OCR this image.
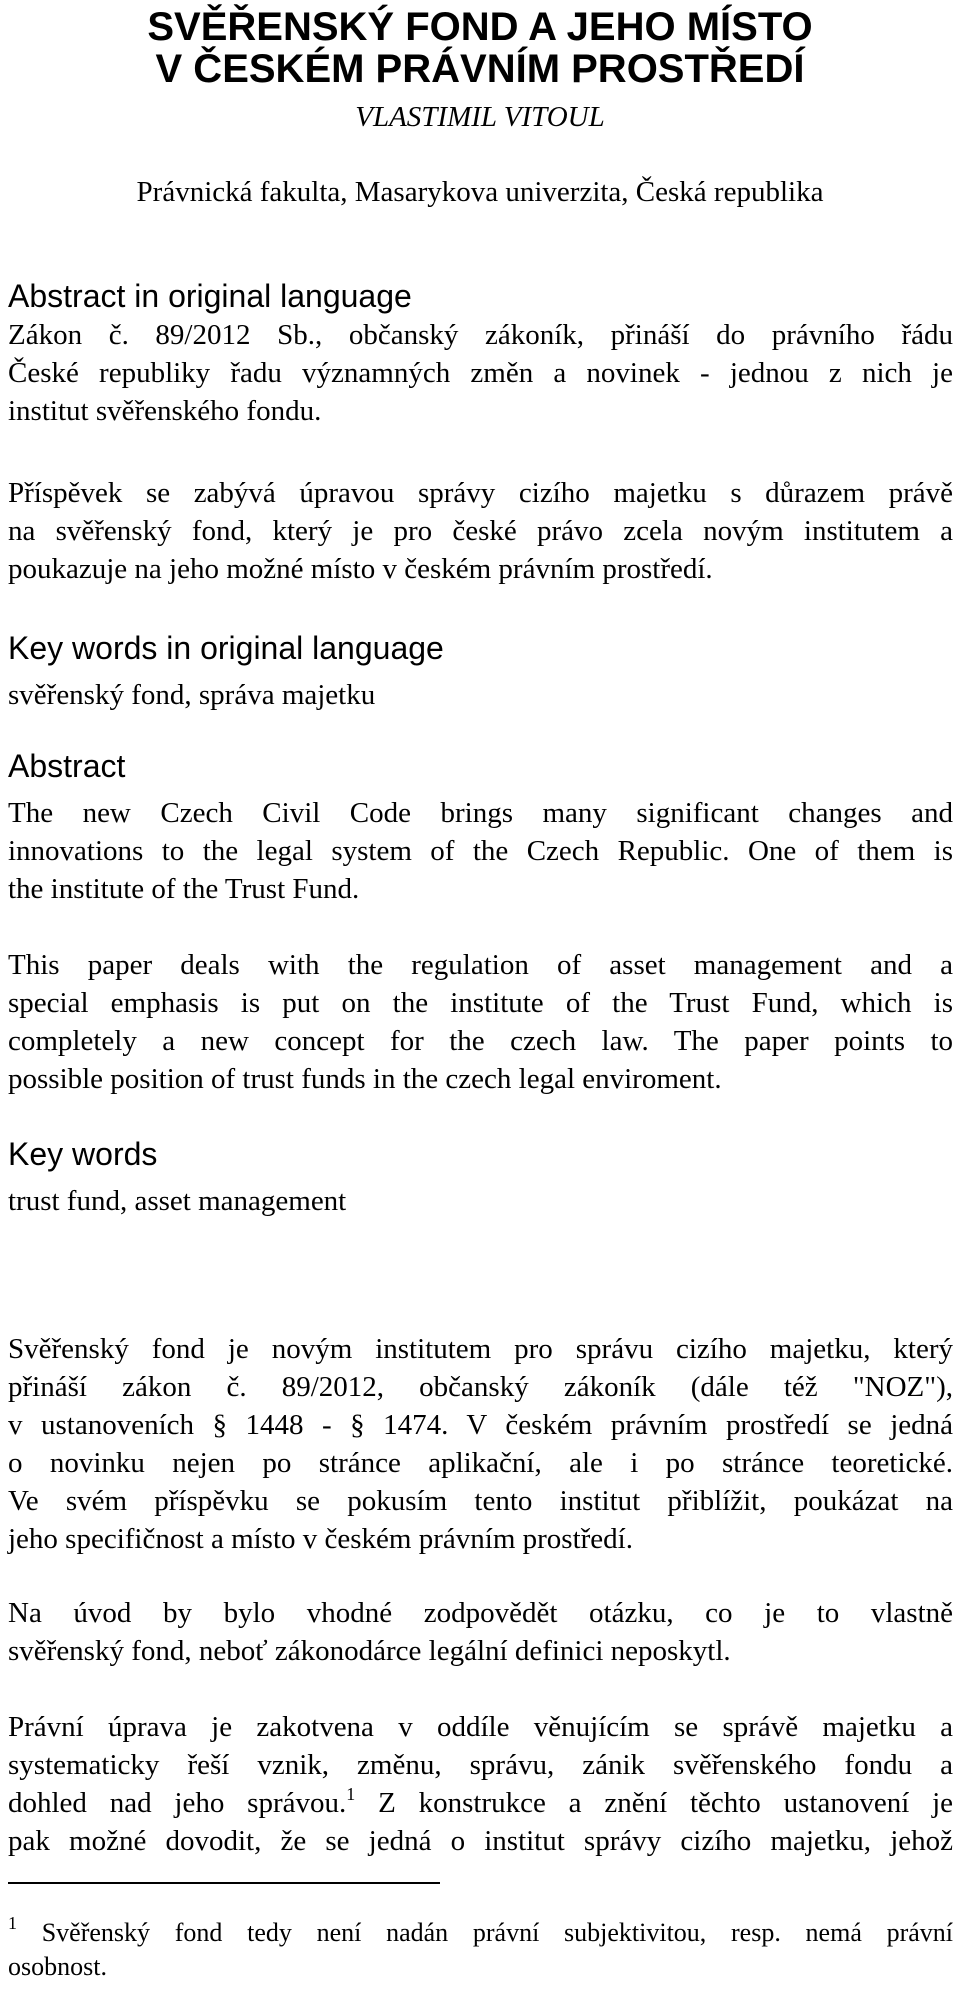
SVĚŘENSKÝ FOND A JEHO MÍSTO
V ČESKÉM PRÁVNÍM PROSTŘEDÍ
VLASTIMIL VITOUL
Právnická fakulta, Masarykova univerzita, Česká republika
Abstract in original language
Zákon č. 89/2012 Sb., občanský zákoník, přináší do právního řádu
České republiky řadu významných změn a novinek - jednou z nich je
institut svěřenského fondu.
Příspěvek se zabývá úpravou správy cizího majetku s důrazem právě
na svěřenský fond, který je pro české právo zcela novým institutem a
poukazuje na jeho možné místo v českém právním prostředí.
Key words in original language
svěřenský fond, správa majetku
Abstract
The new Czech Civil Code brings many significant changes and
innovations to the legal system of the Czech Republic. One of them is
the institute of the Trust Fund.
This paper deals with the regulation of asset management and a
special emphasis is put on the institute of the Trust Fund, which is
completely a new concept for the czech law. The paper points to
possible position of trust funds in the czech legal enviroment.
Key words
trust fund, asset management
Svěřenský fond je novým institutem pro správu cizího majetku, který
přináší zákon č. 89/2012, občanský zákoník (dále též "NOZ"),
v ustanoveních § 1448 - § 1474. V českém právním prostředí se jedná
o novinku nejen po stránce aplikační, ale i po stránce teoretické.
Ve svém příspěvku se pokusím tento institut přiblížit, poukázat na
jeho specifičnost a místo v českém právním prostředí.
Na úvod by bylo vhodné zodpovědět otázku, co je to vlastně
svěřenský fond, neboť zákonodárce legální definici neposkytl.
Právní úprava je zakotvena v oddíle věnujícím se správě majetku a
systematicky řeší vznik, změnu, správu, zánik svěřenského fondu a
dohled nad jeho správou.$^1$ Z konstrukce a znění těchto ustanovení je
pak možné dovodit, že se jedná o institut správy cizího majetku, jehož
$^1$ Svěřenský fond tedy není nadán právní subjektivitou, resp. nemá právní
osobnost.
